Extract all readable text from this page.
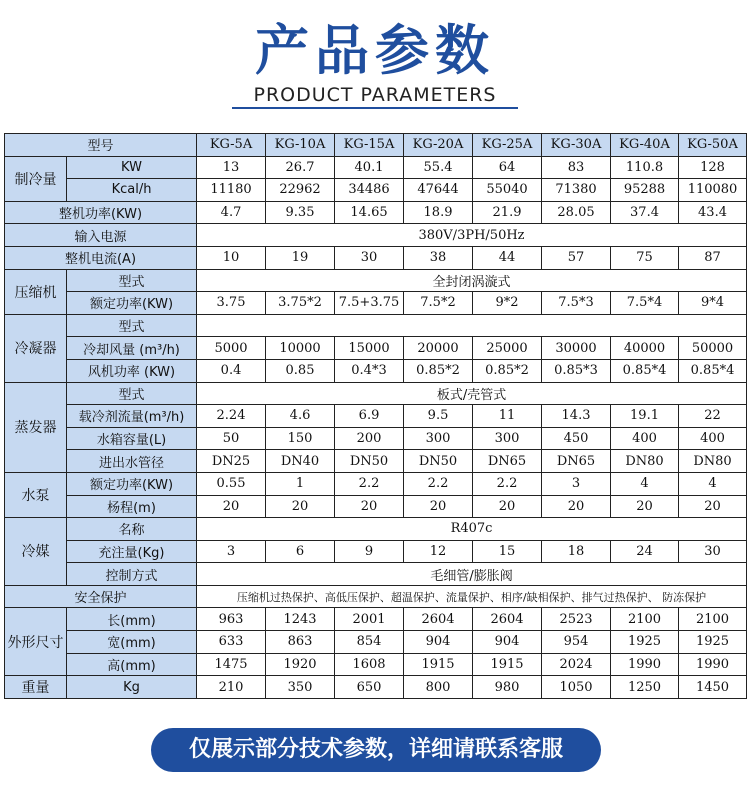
产品参数
PRODUCT PARAMETERS
型号		KG-5A	KG-10A	KG-15A	KG-20A	KG-25A	KG-30A	KG-40A	KG-50A
制冷量	KW	13	26.7	40.1	55.4	64	83	110.8	128
	Kcal/h	11180	22962	34486	47644	55040	71380	95288	110080
整机功率(KW)		4.7	9.35	14.65	18.9	21.9	28.05	37.4	43.4
输入电源		380V/3PH/50Hz							
整机电流(A)		10	19	30	38	44	57	75	87
压缩机	型式	全封闭涡漩式							
	额定功率(KW)	3.75	3.75*2	7.5+3.75	7.5*2	9*2	7.5*3	7.5*4	9*4
冷凝器	型式								
	冷却风量 (m³/h)	5000	10000	15000	20000	25000	30000	40000	50000
	风机功率 (KW)	0.4	0.85	0.4*3	0.85*2	0.85*2	0.85*3	0.85*4	0.85*4
蒸发器	型式	板式/壳管式							
	载冷剂流量(m³/h)	2.24	4.6	6.9	9.5	11	14.3	19.1	22
	水箱容量(L)	50	150	200	300	300	450	400	400
	进出水管径	DN25	DN40	DN50	DN50	DN65	DN65	DN80	DN80
水泵	额定功率(KW)	0.55	1	2.2	2.2	2.2	3	4	4
	杨程(m)	20	20	20	20	20	20	20	20
冷媒	名称	R407c							
	充注量(Kg)	3	6	9	12	15	18	24	30
	控制方式	毛细管/膨胀阀							
安全保护		压缩机过热保护、高低压保护、超温保护、流量保护、相序/缺相保护、排气过热保护、 防冻保护							
外形尺寸	长(mm)	963	1243	2001	2604	2604	2523	2100	2100
	宽(mm)	633	863	854	904	904	954	1925	1925
	高(mm)	1475	1920	1608	1915	1915	2024	1990	1990
重量	Kg	210	350	650	800	980	1050	1250	1450
仅展示部分技术参数，详细请联系客服
